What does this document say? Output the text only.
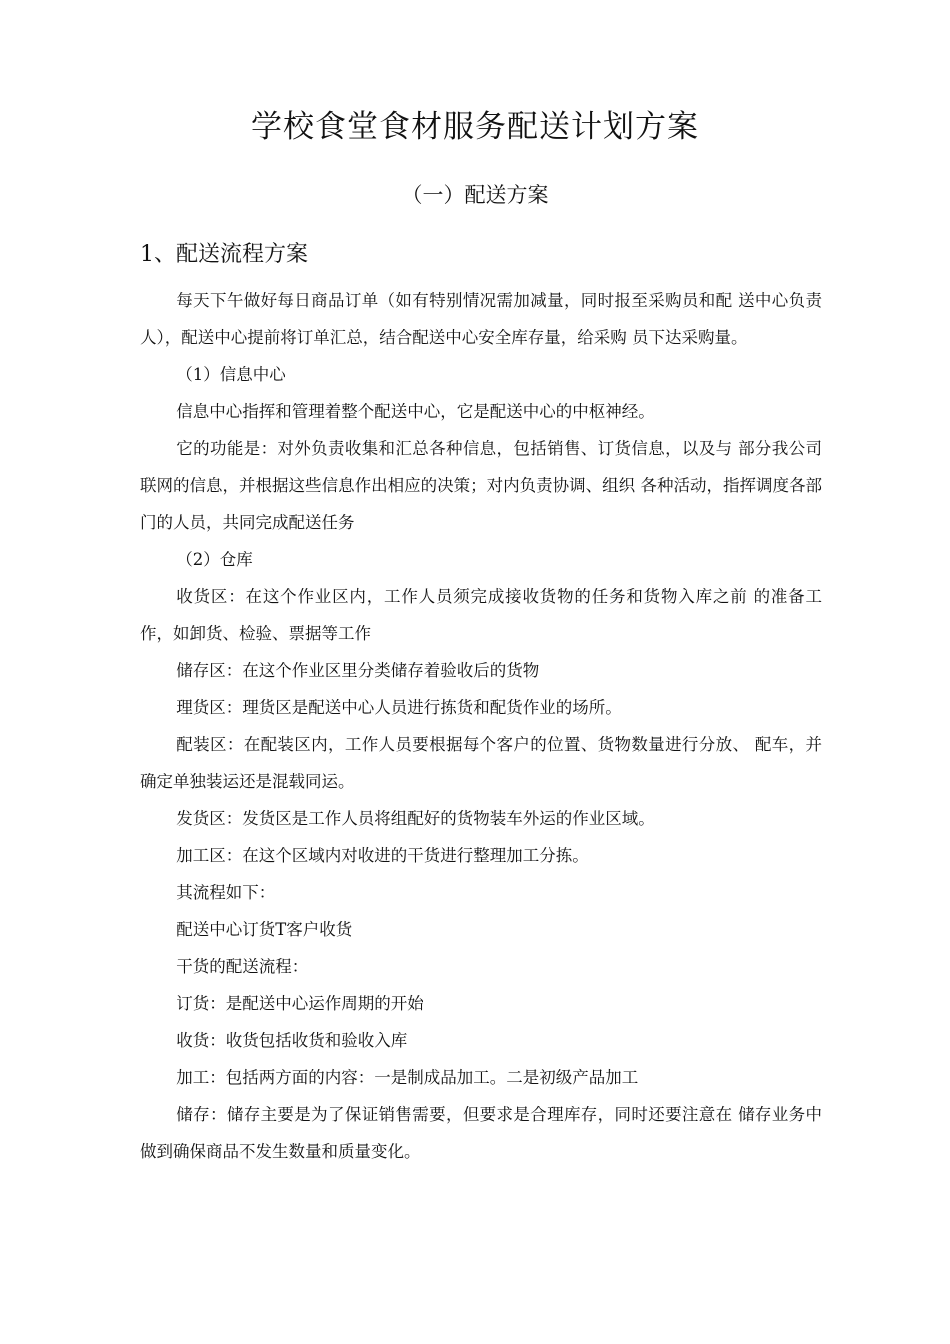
学校食堂食材服务配送计划方案
（一）配送方案
1、配送流程方案

每天下午做好每日商品订单（如有特别情况需加减量，同时报至采购员和配 送中心负责人），配送中心提前将订单汇总，结合配送中心安全库存量，给采购 员下达采购量。

（1）信息中心

信息中心指挥和管理着整个配送中心，它是配送中心的中枢神经。

它的功能是：对外负责收集和汇总各种信息，包括销售、订货信息，以及与 部分我公司联网的信息，并根据这些信息作出相应的决策；对内负责协调、组织 各种活动，指挥调度各部门的人员，共同完成配送任务

（2）仓库

收货区：在这个作业区内，工作人员须完成接收货物的任务和货物入库之前 的准备工作，如卸货、检验、票据等工作

储存区：在这个作业区里分类储存着验收后的货物

理货区：理货区是配送中心人员进行拣货和配货作业的场所。

配装区：在配装区内，工作人员要根据每个客户的位置、货物数量进行分放、 配车，并确定单独装运还是混载同运。

发货区：发货区是工作人员将组配好的货物装车外运的作业区域。

加工区：在这个区域内对收进的干货进行整理加工分拣。

其流程如下：

配送中心订货T客户收货

干货的配送流程：

订货：是配送中心运作周期的开始

收货：收货包括收货和验收入库

加工：包括两方面的内容：一是制成品加工。二是初级产品加工

储存：储存主要是为了保证销售需要，但要求是合理库存，同时还要注意在 储存业务中做到确保商品不发生数量和质量变化。
